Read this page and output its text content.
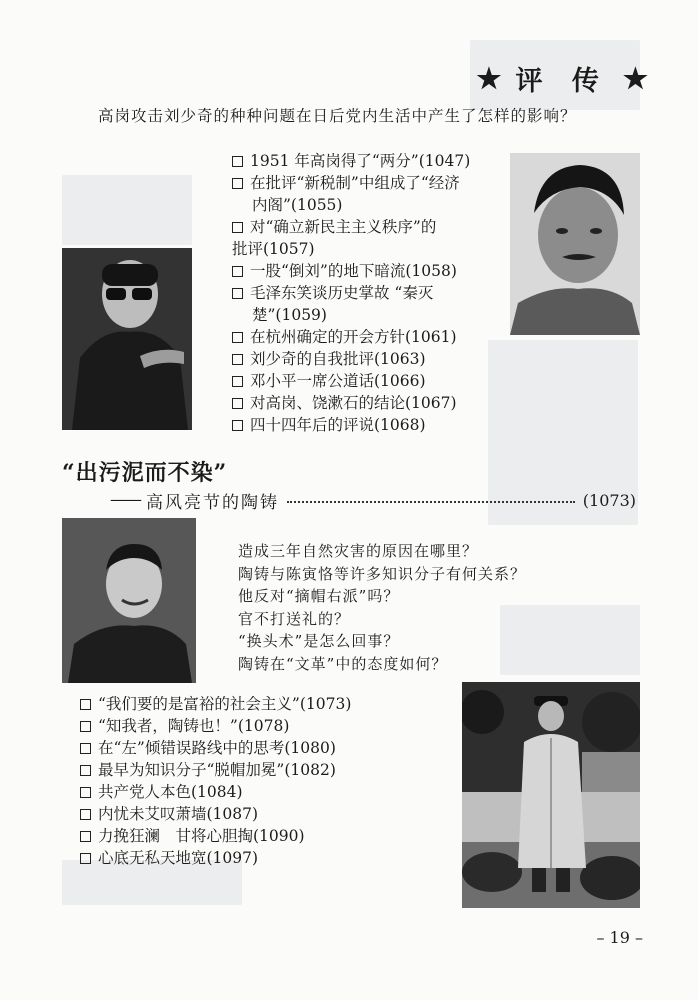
★ 评 传 ★
高岗攻击刘少奇的种种问题在日后党内生活中产生了怎样的影响？
1951 年高岗得了“两分”(1047)
在批评“新税制”中组成了“经济
内阁”(1055)
对“确立新民主主义秩序”的
批评(1057)
一股“倒刘”的地下暗流(1058)
毛泽东笑谈历史掌故 “秦灭
楚”(1059)
在杭州确定的开会方针(1061)
刘少奇的自我批评(1063)
邓小平一席公道话(1066)
对高岗、饶漱石的结论(1067)
四十四年后的评说(1068)
“出污泥而不染”
—— 高风亮节的陶铸	(1073)
造成三年自然灾害的原因在哪里？
陶铸与陈寅恪等许多知识分子有何关系？
他反对“摘帽右派”吗？
官不打送礼的？
“换头术”是怎么回事？
陶铸在“文革”中的态度如何？
“我们要的是富裕的社会主义”(1073)
“知我者，陶铸也！”(1078)
在“左”倾错误路线中的思考(1080)
最早为知识分子“脱帽加冕”(1082)
共产党人本色(1084)
内忧未艾叹萧墙(1087)
力挽狂澜　甘将心胆掏(1090)
心底无私天地宽(1097)
– 19 –
